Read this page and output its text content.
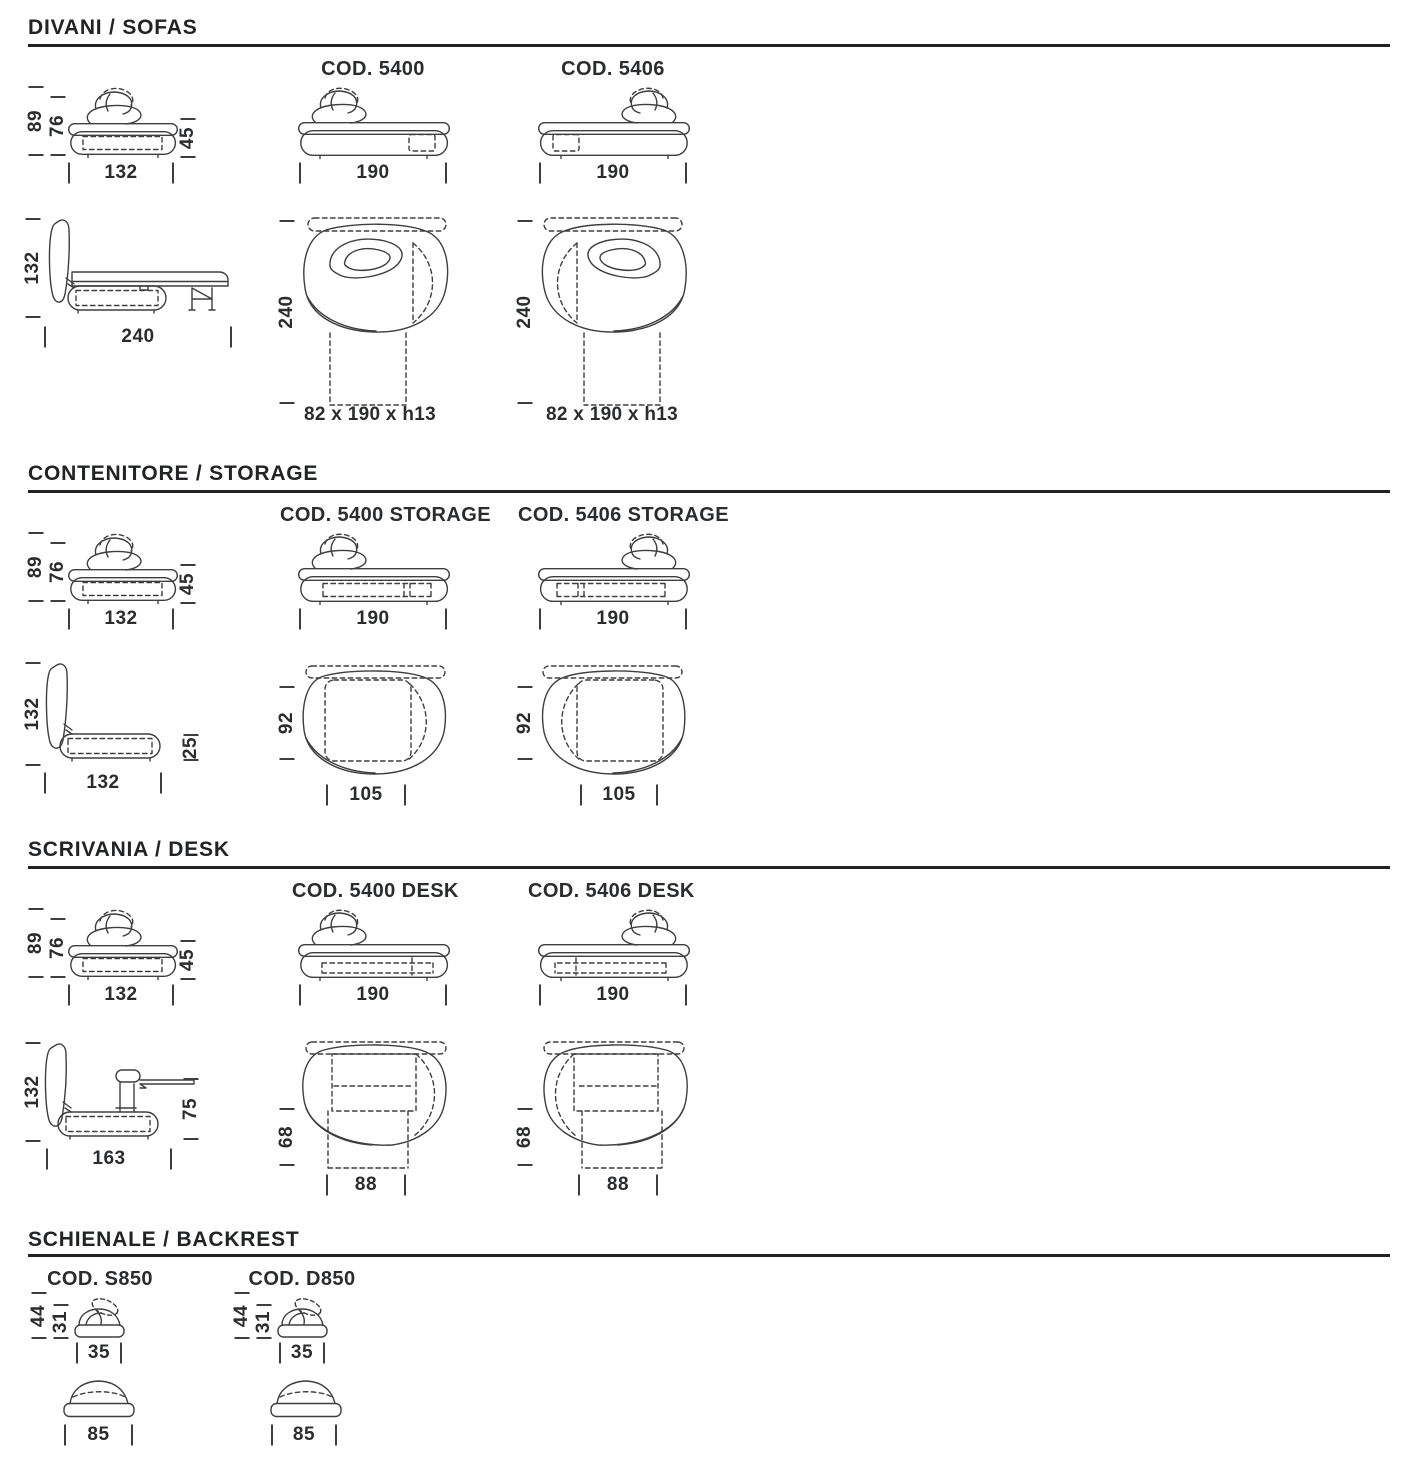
DIVANI / SOFAS
COD. 5400	COD. 5406
89 76
45
132	190	190
132
240
240
82 x 190 x h13
240
82 x 190 x h13
CONTENITORE / STORAGE
COD. 5400 STORAGE COD. 5406 STORAGE
89 76
45
132	190	190
132
132
25
92
105
92
105
SCRIVANIA / DESK
COD. 5400 DESK	COD. 5406 DESK
89 76
45
132	190	190
132
163
75
68
88
68
88
SCHIENALE / BACKREST
COD. S850	COD. D850
44 31
35
44 31
35
85	85
